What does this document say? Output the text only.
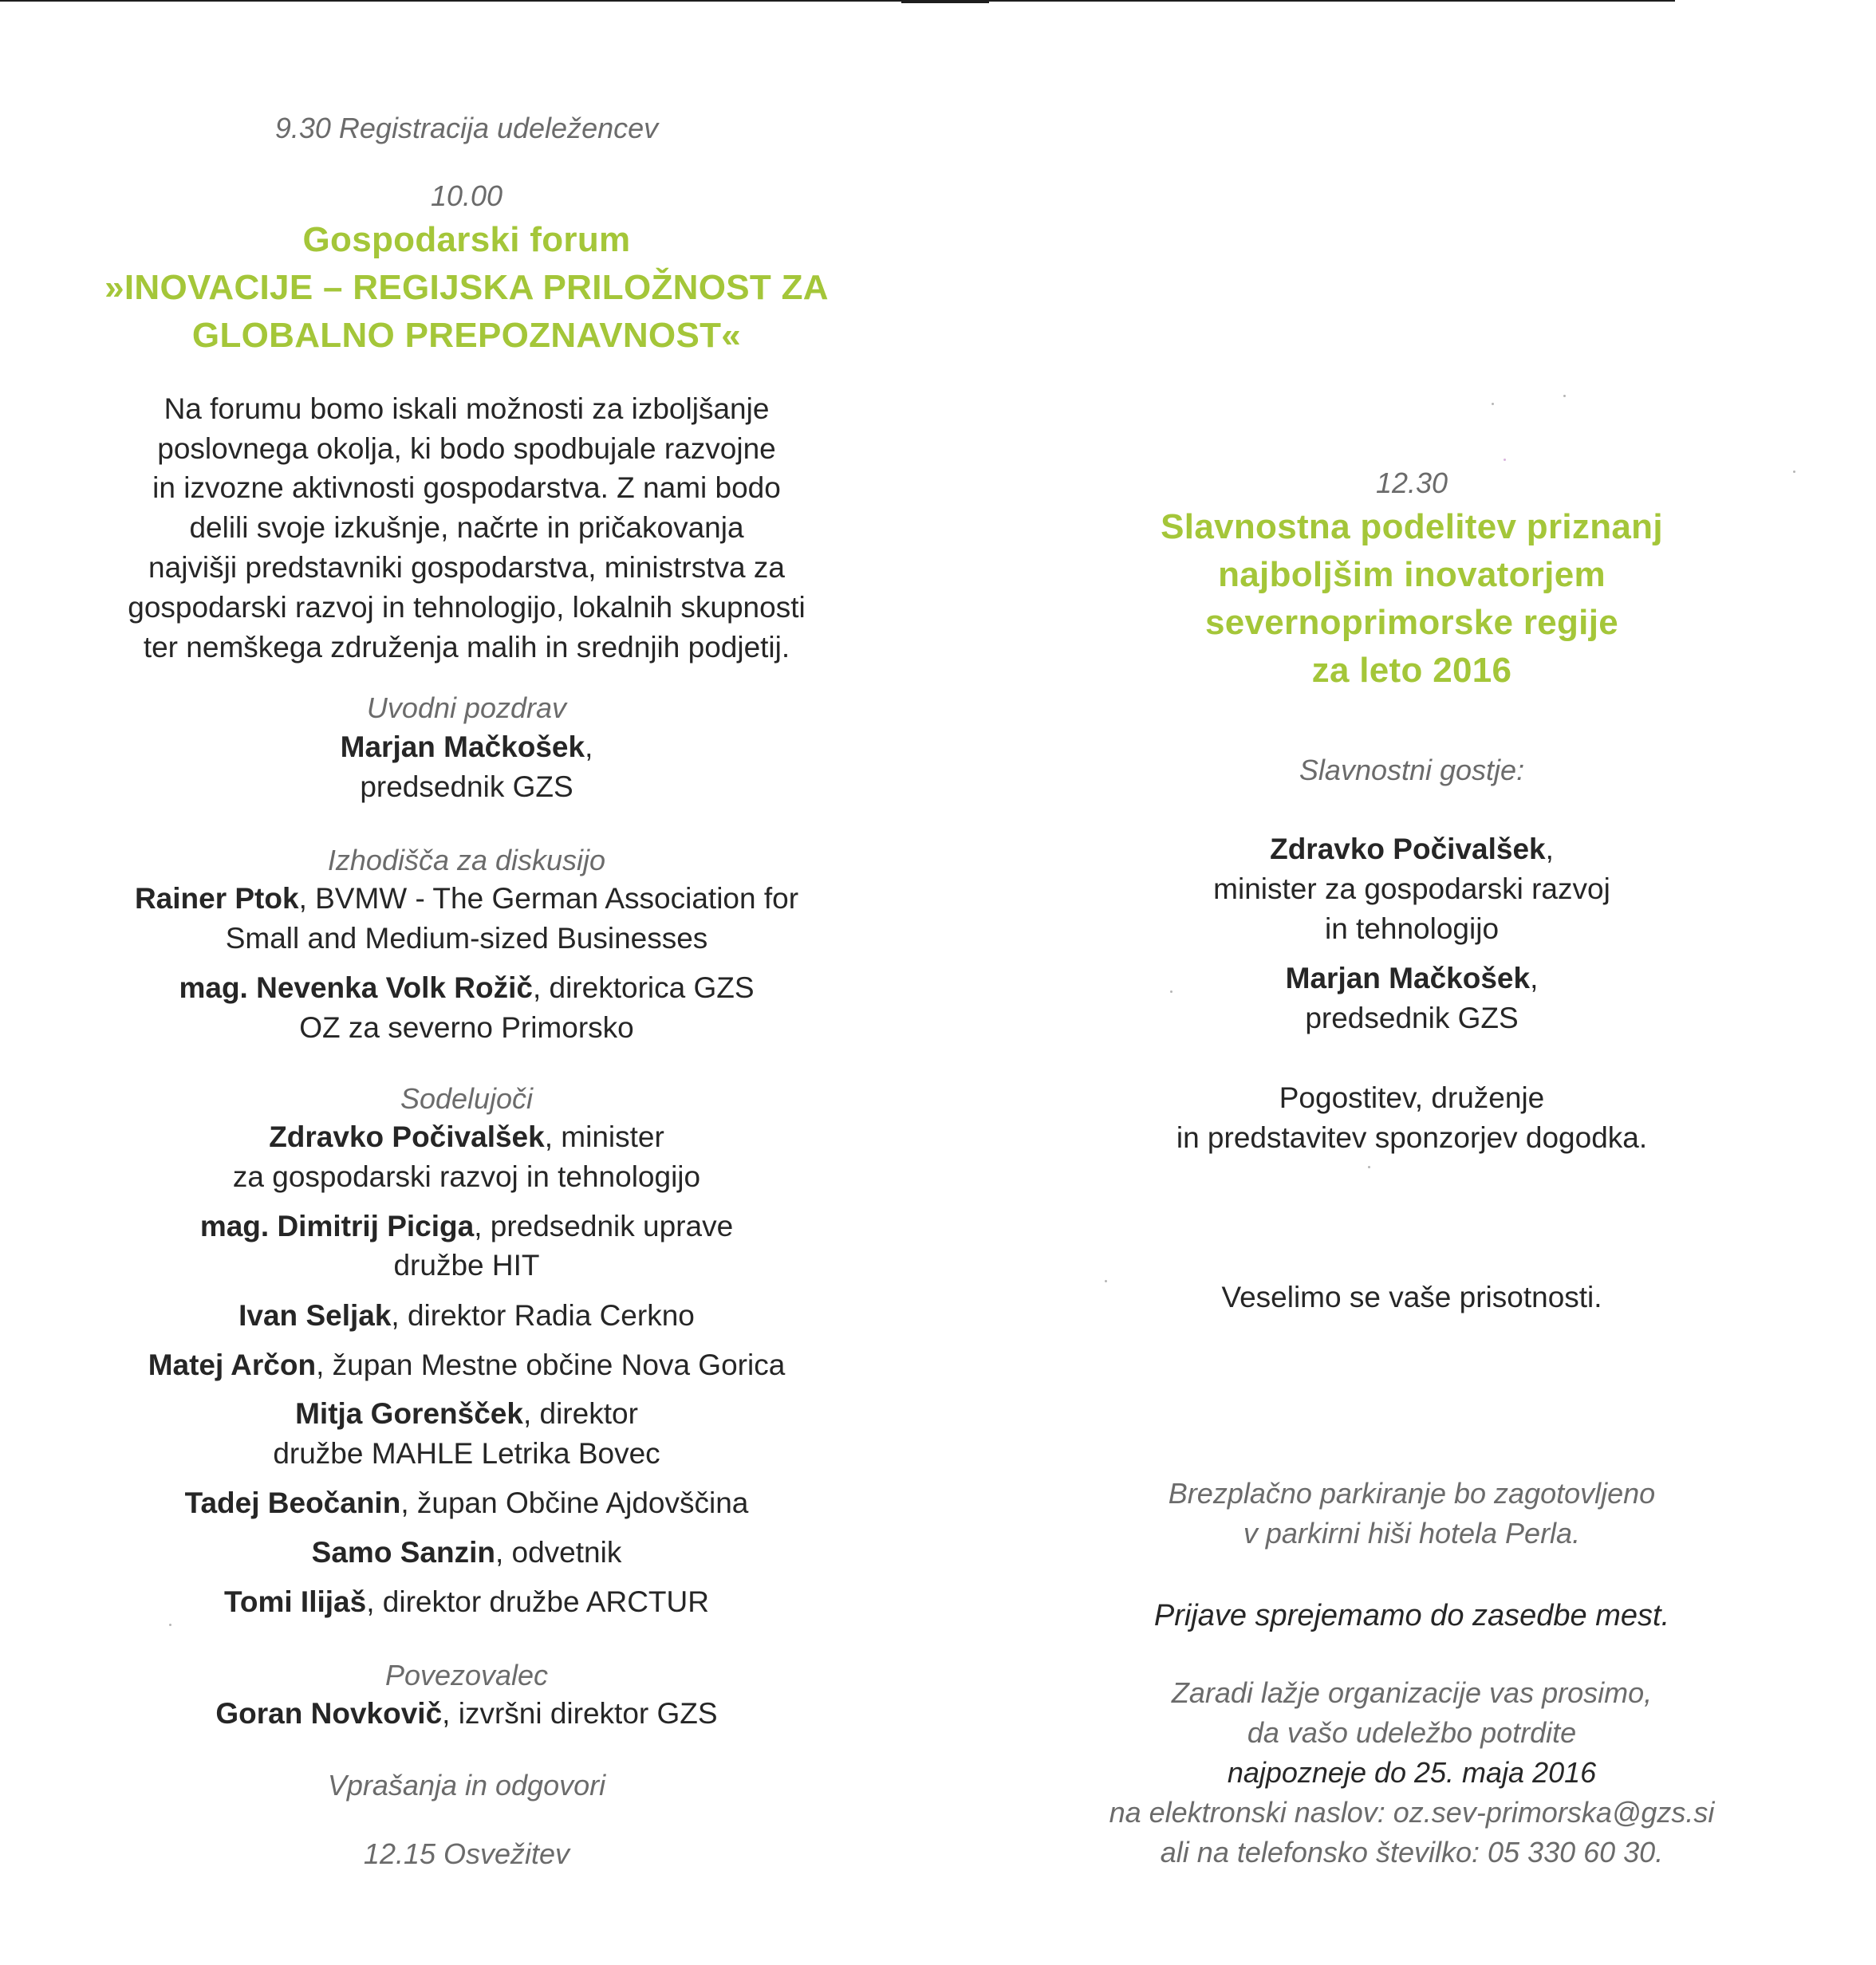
9.30 Registracija udeležencev
10.00
Gospodarski forum
»INOVACIJE – REGIJSKA PRILOŽNOST ZA
GLOBALNO PREPOZNAVNOST«
Na forumu bomo iskali možnosti za izboljšanje
poslovnega okolja, ki bodo spodbujale razvojne
in izvozne aktivnosti gospodarstva. Z nami bodo
delili svoje izkušnje, načrte in pričakovanja
najvišji predstavniki gospodarstva, ministrstva za
gospodarski razvoj in tehnologijo, lokalnih skupnosti
ter nemškega združenja malih in srednjih podjetij.
Uvodni pozdrav
Marjan Mačkošek,
predsednik GZS
Izhodišča za diskusijo
Rainer Ptok, BVMW - The German Association for
Small and Medium-sized Businesses
mag. Nevenka Volk Rožič, direktorica GZS
OZ za severno Primorsko
Sodelujoči
Zdravko Počivalšek, minister
za gospodarski razvoj in tehnologijo
mag. Dimitrij Piciga, predsednik uprave
družbe HIT
Ivan Seljak, direktor Radia Cerkno
Matej Arčon, župan Mestne občine Nova Gorica
Mitja Gorenšček, direktor
družbe MAHLE Letrika Bovec
Tadej Beočanin, župan Občine Ajdovščina
Samo Sanzin, odvetnik
Tomi Ilijaš, direktor družbe ARCTUR
Povezovalec
Goran Novkovič, izvršni direktor GZS
Vprašanja in odgovori
12.15 Osvežitev
12.30
Slavnostna podelitev priznanj
najboljšim inovatorjem
severnoprimorske regije
za leto 2016
Slavnostni gostje:
Zdravko Počivalšek,
minister za gospodarski razvoj
in tehnologijo
Marjan Mačkošek,
predsednik GZS
Pogostitev, druženje
in predstavitev sponzorjev dogodka.
Veselimo se vaše prisotnosti.
Brezplačno parkiranje bo zagotovljeno
v parkirni hiši hotela Perla.
Prijave sprejemamo do zasedbe mest.
Zaradi lažje organizacije vas prosimo,
da vašo udeležbo potrdite
najpozneje do 25. maja 2016
na elektronski naslov: oz.sev-primorska@gzs.si
ali na telefonsko številko: 05 330 60 30.
